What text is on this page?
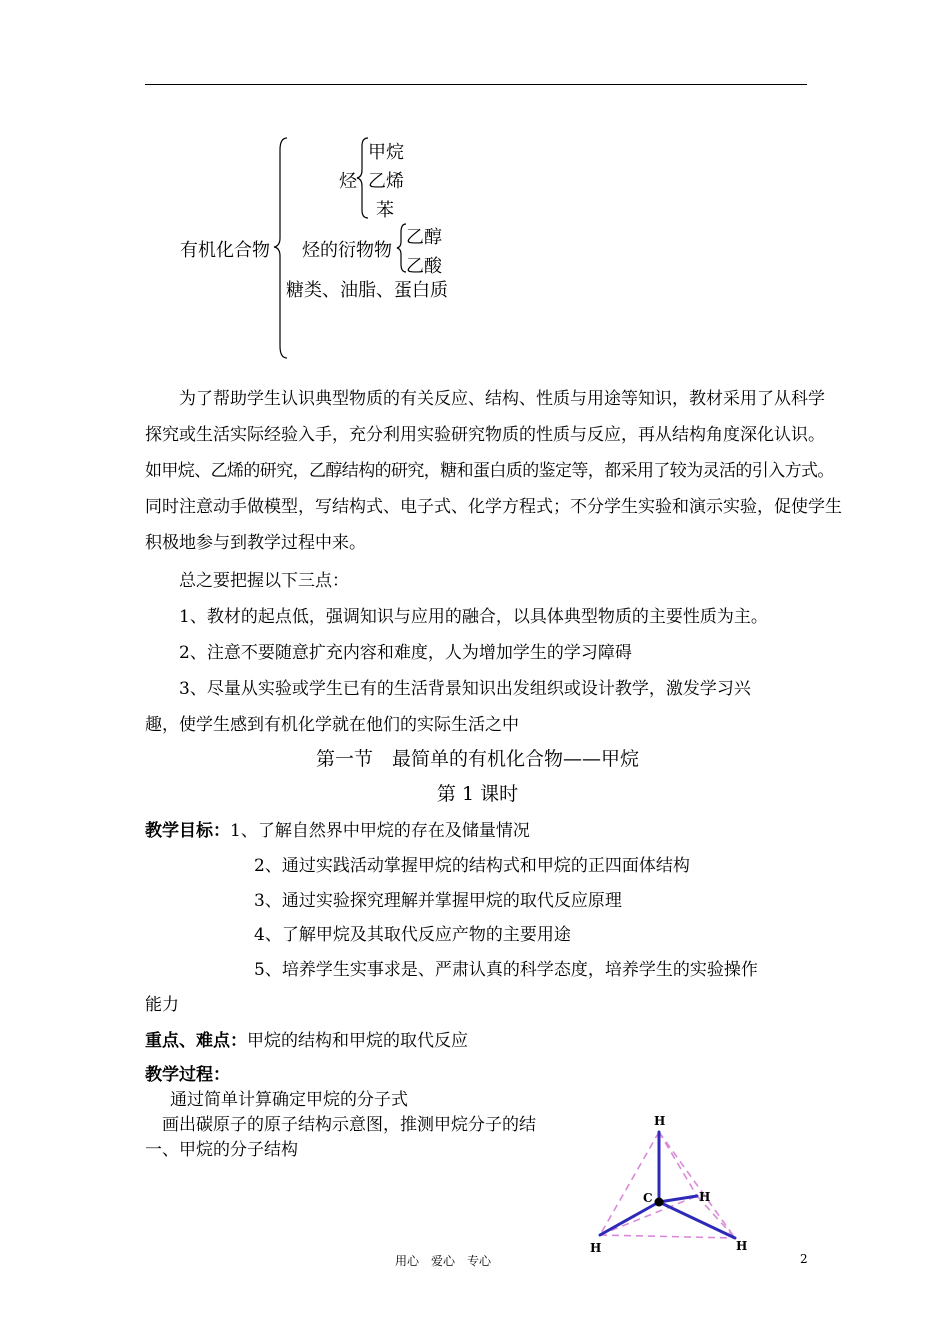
有机化合物
烃
甲烷
乙烯
苯
烃的衍物物
乙醇
乙酸
糖类、油脂、蛋白质
为了帮助学生认识典型物质的有关反应、结构、性质与用途等知识，教材采用了从科学
探究或生活实际经验入手，充分利用实验研究物质的性质与反应，再从结构角度深化认识。
如甲烷、乙烯的研究，乙醇结构的研究，糖和蛋白质的鉴定等，都采用了较为灵活的引入方式。
同时注意动手做模型，写结构式、电子式、化学方程式；不分学生实验和演示实验，促使学生
积极地参与到教学过程中来。
总之要把握以下三点：
1、教材的起点低，强调知识与应用的融合，以具体典型物质的主要性质为主。
2、注意不要随意扩充内容和难度，人为增加学生的学习障碍
3、尽量从实验或学生已有的生活背景知识出发组织或设计教学，激发学习兴
趣，使学生感到有机化学就在他们的实际生活之中
第一节　最简单的有机化合物——甲烷
第 1 课时
教学目标：1、了解自然界中甲烷的存在及储量情况
2、通过实践活动掌握甲烷的结构式和甲烷的正四面体结构
3、通过实验探究理解并掌握甲烷的取代反应原理
4、了解甲烷及其取代反应产物的主要用途
5、培养学生实事求是、严肃认真的科学态度，培养学生的实验操作
能力
重点、难点：甲烷的结构和甲烷的取代反应
教学过程：
通过简单计算确定甲烷的分子式
画出碳原子的原子结构示意图，推测甲烷分子的结
一、甲烷的分子结构
H
C	H
H	H
用心　爱心　专心	2
